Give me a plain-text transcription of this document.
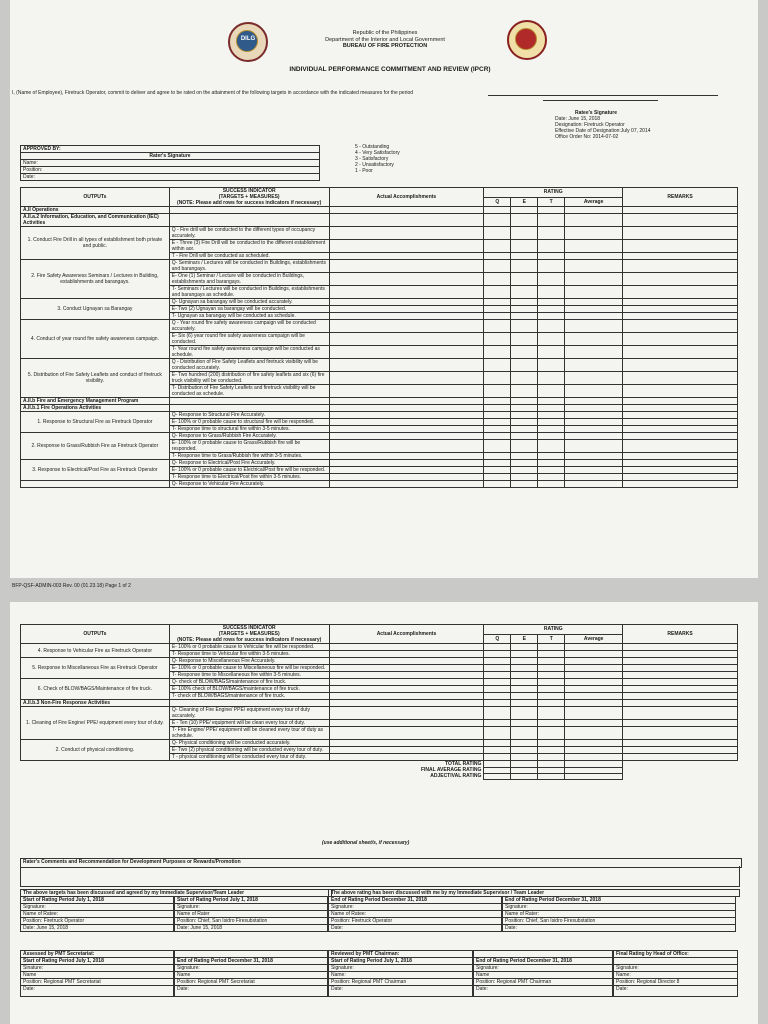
DILG
Republic of the Philippines
Department of the Interior and Local Government
BUREAU OF FIRE PROTECTION
INDIVIDUAL PERFORMANCE COMMITMENT AND REVIEW (IPCR)
I, (Name of Employee), Firetruck Operator, commit to deliver and agree to be rated on the attainment of the following targets in accordance with the indicated measures for the period
Ratee's Signature
Date: June 15, 2018
Designation: Firetruck Operator
Effective Date of Designation:July 07, 2014
Office Order No: 2014-07-02
APPROVED BY:
Rater's Signature
Name:
Position:
Date:
5 - Outstanding
4 - Very Satisfactory
3 - Satisfactory
2 - Unsatisfactory
1 - Poor
OUTPUTs	SUCCESS INDICATOR
(TARGETS + MEASURES)
(NOTE: Please add rows for success indicators if necessary)	Actual Accomplishments	RATING				REMARKS
			Q	E	T	Average	
A.II Operations							
A.II.a.2 Information, Education, and Communication (IEC) Activities							
1. Conduct Fire Drill in all types of establishment both private and public.	Q - Fire drill will be conducted to the different types of occupancy accurately.						
	E - Three (3) Fire Drill will be conducted to the different establishment within aor.						
	T - Fire Drill will be conducted as scheduled.						
2. Fire Safety Awareness Seminars / Lectures in Building, establishments and barangays.	Q- Seminars / Lectures will be conducted in Buildings, establishments and barangays.						
	E- One (1) Seminar / Lecture will be conducted in Buildings, establishments and barangays.						
	T- Seminars / Lectures will be conducted in Buildings, establishments and barangays as schedule.						
3. Conduct Ugnayan sa Barangay	Q- Ugnayan sa barangay will be conducted accurately.						
	E- Two (2) Ugnayan sa barangay will be conducted.						
	T- Ugnayan sa barangay will be conducted as schedule.						
4. Conduct of year round fire safety awareness campaign.	Q - Year round fire safety awareness campaign will be conducted accurately.						
	E- Six (6) year round fire safety awareness campaign will be conducted.						
	T- Year round fire safety awareness campaign will be conducted as schedule.						
5. Distribution of Fire Safety Leaflets and conduct of firetruck visibility.	Q - Distribution of Fire Safety Leaflets and firetruck visibility will be conducted accurately.						
	E- Two hundred (200) distribution of fire safety leaflets and six (6) fire truck visibility will be conducted.						
	T- Distribution of Fire Safety Leaflets and firetruck visibility will be conducted as schedule.						
A.II.b Fire and Emergency Management Program							
A.II.b.1 Fire Operations Activities							
1. Response to Structural Fire as Firetruck Operator	Q- Response to Structural Fire Accurately.						
	E- 100% or 0 probable cause to structural fire will be responded.						
	T- Response time to structural fire within 3-5 minutes.						
2. Response to Grass/Rubbish Fire as Firetruck Operator	Q- Response to Grass/Rubbish Fire Accurately.						
	E- 100% or 0 probable cause to Grass/Rubbish fire will be responded.						
	T- Response time to Grass/Rubbish fire within 3-5 minutes.						
3. Response to Electrical/Post Fire as Firetruck Operator	Q- Response to Electrical/Post Fire Accurately.						
	E- 100% or 0 probable cause to Electrical/Post fire will be responded.						
	T- Response time to Electrical/Post fire within 3-5 minutes.						
	Q- Response to Vehicular Fire Accurately.						
BFP-QSF-ADMIN-003 Rev. 00 (01.23.18) Page 1 of 2
OUTPUTs	SUCCESS INDICATOR
(TARGETS + MEASURES)
(NOTE: Please add rows for success indicators if necessary)	Actual Accomplishments	RATING				REMARKS
			Q	E	T	Average	
4. Response to Vehicular Fire as Firetruck Operator	E- 100% or 0 probable cause to Vehicular fire will be responded.						
	T- Response time to Vehicular fire within 3-5 minutes.						
5. Response to Miscellaneous Fire as Firetruck Operator	Q- Response to Miscellaneous Fire Accurately.						
	E- 100% or 0 probable cause to Miscellaneous fire will be responded.						
	T- Response time to Miscellaneous fire within 3-5 minutes.						
6. Check of BLOW/BAGS/Maintenance of fire truck.	Q- check of BLOW/BAGS/maintenance of fire truck.						
	E- 100% check of BLOW/BAGS/maintenance of fire truck.						
	T- check of BLOW/BAGS/maintenance of fire truck.						
A.II.b.3 Non-Fire Response Activities							
1. Cleaning of Fire Engine/ PPE/ equipment every tour of duty.	Q- Cleaning of Fire Engine/ PPE/ equipment every tour of duty accurately.						
	E - Ten (10) PPE/ equipment will be clean every tour of duty.						
	T- Fire Engine/ PPE/ equipment will be cleaned every tour of duty as schedule.						
2. Conduct of physical conditioning.	Q- Physical conditioning will be conducted accurately.						
	E- Two (2) physical conditioning will be conducted every tour of duty.						
	T - physical conditioning will be conducted every tour of duty.						
TOTAL RATING							
FINAL AVERAGE RATING							
ADJECTIVAL RATING							
(use additional sheet/s, if necessary)
Rater's Comments and Recommendation for Development Purposes or Rewards/Promotion
The above targets has been discussed and agreed by my Immediate Supervisor/Team Leader	The above rating has been discussed with me by my Immediate Supervisor / Team Leader
Start of Rating Period July 1, 2018
Signature:
Name of Ratee:
Position: Firetruck Operator
Date: June 15, 2018
Start of Rating Period July 1, 2018
Signature:
Name of Rater
Position: Chief, San Isidro Firesubstation
Date: June 15, 2018
End of Rating Period December 31, 2018
Signature:
Name of Ratee:
Position: Firetruck Operator
Date:
End of Rating Period December 31, 2018
Signature:
Name of Rater:
Position: Chief, San Isidro Firesubstation
Date:
Assessed by PMT Secretariat:
Start of Rating Period July 1, 2018
Sinature:
Name
Position: Regional PMT Secretariat
Date:

End of Rating Period December 31, 2018
Signature:
Name
Position: Regional PMT Secretariat
Date:
Reviewed by PMT Chairman:
Start of Rating Period July 1, 2018
Signature:
Name:
Position: Regional PMT Chairman
Date:

End of Rating Period December 31, 2018
Signature:
Name
Position: Regional PMT Chairman
Date:
Final Rating by Head of Office:

Signature:
Name:
Position: Regional Director 8
Date:
